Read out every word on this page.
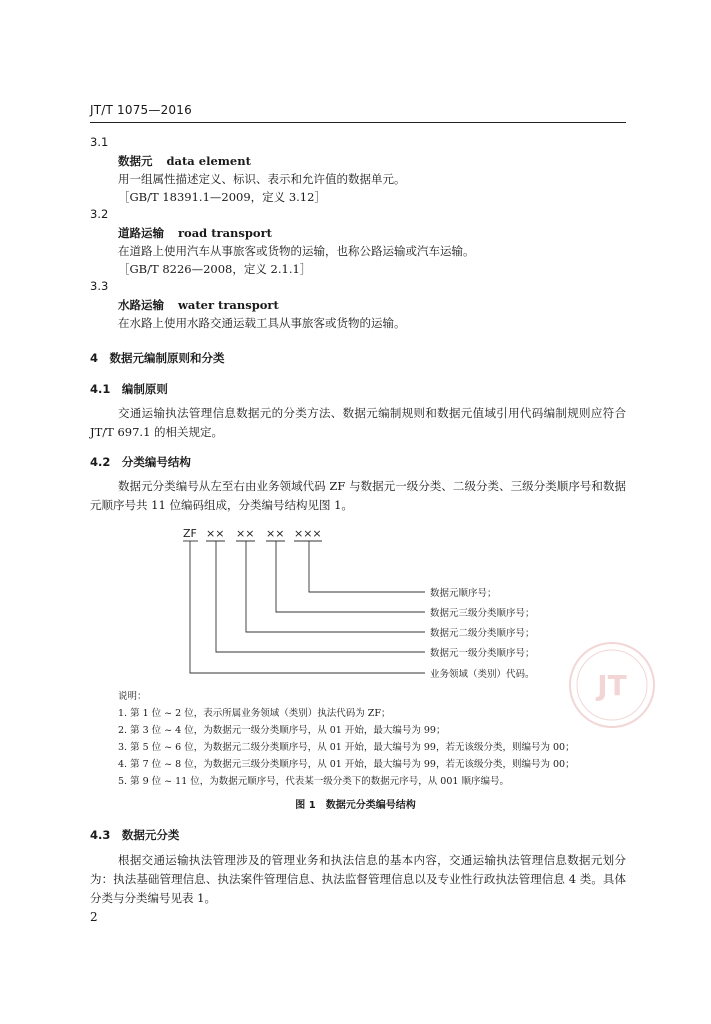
JT/T 1075—2016
3.1
数据元 data element
用一组属性描述定义、标识、表示和允许值的数据单元。
［GB/T 18391.1—2009，定义 3.12］
3.2
道路运输 road transport
在道路上使用汽车从事旅客或货物的运输，也称公路运输或汽车运输。
［GB/T 8226—2008，定义 2.1.1］
3.3
水路运输 water transport
在水路上使用水路交通运载工具从事旅客或货物的运输。
4　数据元编制原则和分类
4.1　编制原则
交通运输执法管理信息数据元的分类方法、数据元编制规则和数据元值域引用代码编制规则应符合 JT/T 697.1 的相关规定。
4.2　分类编号结构
数据元分类编号从左至右由业务领域代码 ZF 与数据元一级分类、二级分类、三级分类顺序号和数据元顺序号共 11 位编码组成，分类编号结构见图 1。
ZF ×× ×× ×× ×××
数据元顺序号；
数据元三级分类顺序号；
数据元二级分类顺序号；
数据元一级分类顺序号；
业务领域（类别）代码。 JT
说明：
1. 第 1 位 ~ 2 位，表示所属业务领域（类别）执法代码为 ZF；
2. 第 3 位 ~ 4 位，为数据元一级分类顺序号，从 01 开始，最大编号为 99；
3. 第 5 位 ~ 6 位，为数据元二级分类顺序号，从 01 开始，最大编号为 99，若无该级分类，则编号为 00；
4. 第 7 位 ~ 8 位，为数据元三级分类顺序号，从 01 开始，最大编号为 99，若无该级分类，则编号为 00；
5. 第 9 位 ~ 11 位，为数据元顺序号，代表某一级分类下的数据元序号，从 001 顺序编号。
图 1　数据元分类编号结构
4.3　数据元分类
根据交通运输执法管理涉及的管理业务和执法信息的基本内容，交通运输执法管理信息数据元划分为：执法基础管理信息、执法案件管理信息、执法监督管理信息以及专业性行政执法管理信息 4 类。具体分类与分类编号见表 1。
2
